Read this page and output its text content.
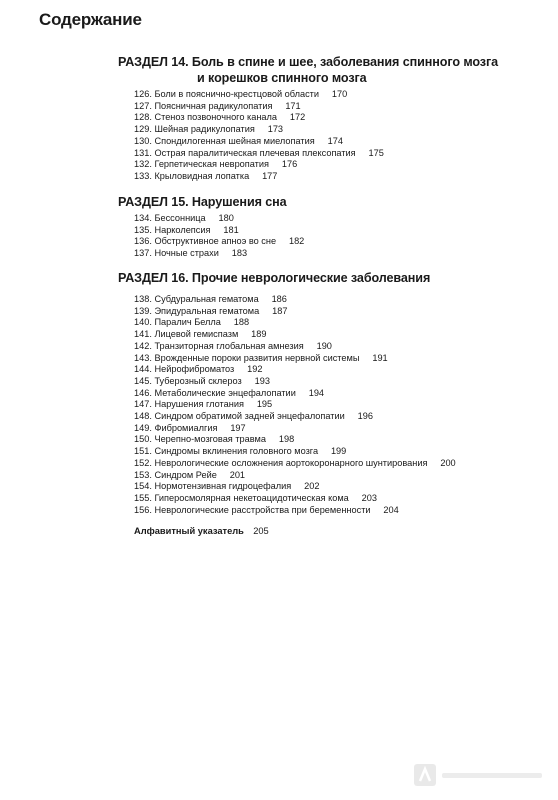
Содержание
РАЗДЕЛ 14. Боль в спине и шее, заболевания спинного мозга
и корешков спинного мозга
126. Боли в пояснично-крестцовой области 170
127. Поясничная радикулопатия 171
128. Стеноз позвоночного канала 172
129. Шейная радикулопатия 173
130. Спондилогенная шейная миелопатия 174
131. Острая паралитическая плечевая плексопатия 175
132. Герпетическая невропатия 176
133. Крыловидная лопатка 177
РАЗДЕЛ 15. Нарушения сна
134. Бессонница 180
135. Нарколепсия 181
136. Обструктивное апноэ во сне 182
137. Ночные страхи 183
РАЗДЕЛ 16. Прочие неврологические заболевания
138. Субдуральная гематома 186
139. Эпидуральная гематома 187
140. Паралич Белла 188
141. Лицевой гемиспазм 189
142. Транзиторная глобальная амнезия 190
143. Врожденные пороки развития нервной системы 191
144. Нейрофиброматоз 192
145. Туберозный склероз 193
146. Метаболические энцефалопатии 194
147. Нарушения глотания 195
148. Синдром обратимой задней энцефалопатии 196
149. Фибромиалгия 197
150. Черепно-мозговая травма 198
151. Синдромы вклинения головного мозга 199
152. Неврологические осложнения аортокоронарного шунтирования 200
153. Синдром Рейе 201
154. Нормотензивная гидроцефалия 202
155. Гиперосмолярная некетоацидотическая кома 203
156. Неврологические расстройства при беременности 204
Алфавитный указатель 205
